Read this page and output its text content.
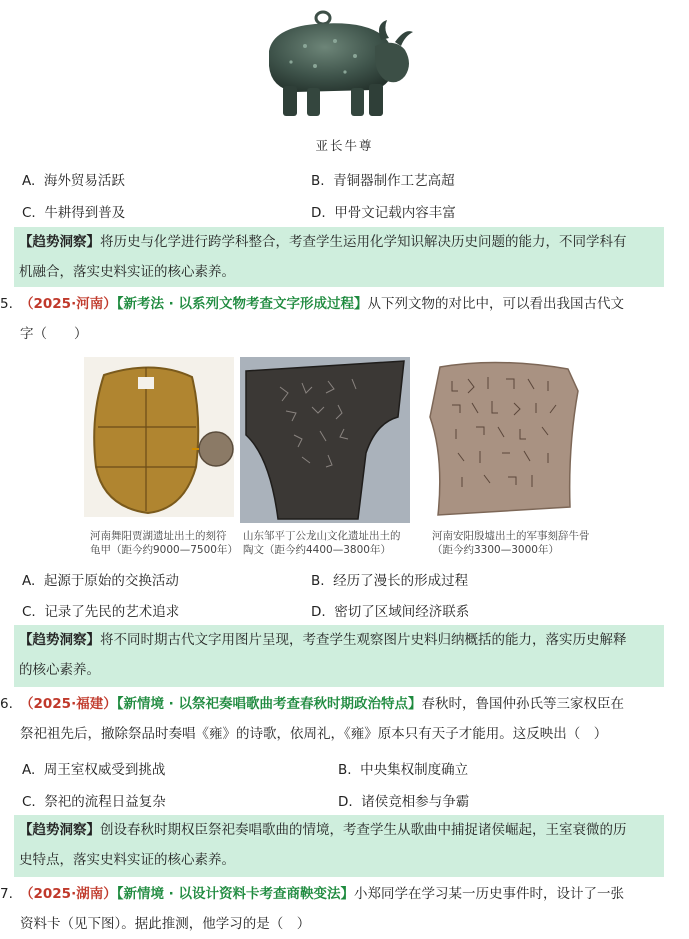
亚长牛尊
A. 海外贸易活跃	B. 青铜器制作工艺高超
C. 牛耕得到普及	D. 甲骨文记载内容丰富
【趋势洞察】将历史与化学进行跨学科整合，考查学生运用化学知识解决历史问题的能力，不同学科有
机融合，落实史料实证的核心素养。
5. （2025·河南）【新考法 · 以系列文物考查文字形成过程】从下列文物的对比中，可以看出我国古代文
字（　　）
河南舞阳贾湖遗址出土的刻符
龟甲（距今约9000—7500年）
山东邹平丁公龙山文化遗址出土的
陶文（距今约4400—3800年）
河南安阳殷墟出土的军事刻辞牛骨
（距今约3300—3000年）
A. 起源于原始的交换活动	B. 经历了漫长的形成过程
C. 记录了先民的艺术追求	D. 密切了区域间经济联系
【趋势洞察】将不同时期古代文字用图片呈现，考查学生观察图片史料归纳概括的能力，落实历史解释
的核心素养。
6. （2025·福建）【新情境 · 以祭祀奏唱歌曲考查春秋时期政治特点】春秋时，鲁国仲孙氏等三家权臣在
祭祀祖先后，撤除祭品时奏唱《雍》的诗歌，依周礼，《雍》原本只有天子才能用。这反映出（　）
A. 周王室权威受到挑战	B. 中央集权制度确立
C. 祭祀的流程日益复杂	D. 诸侯竞相参与争霸
【趋势洞察】创设春秋时期权臣祭祀奏唱歌曲的情境，考查学生从歌曲中捕捉诸侯崛起，王室衰微的历
史特点，落实史料实证的核心素养。
7. （2025·湖南）【新情境 · 以设计资料卡考查商鞅变法】小郑同学在学习某一历史事件时，设计了一张
资料卡（见下图）。据此推测，他学习的是（　）
